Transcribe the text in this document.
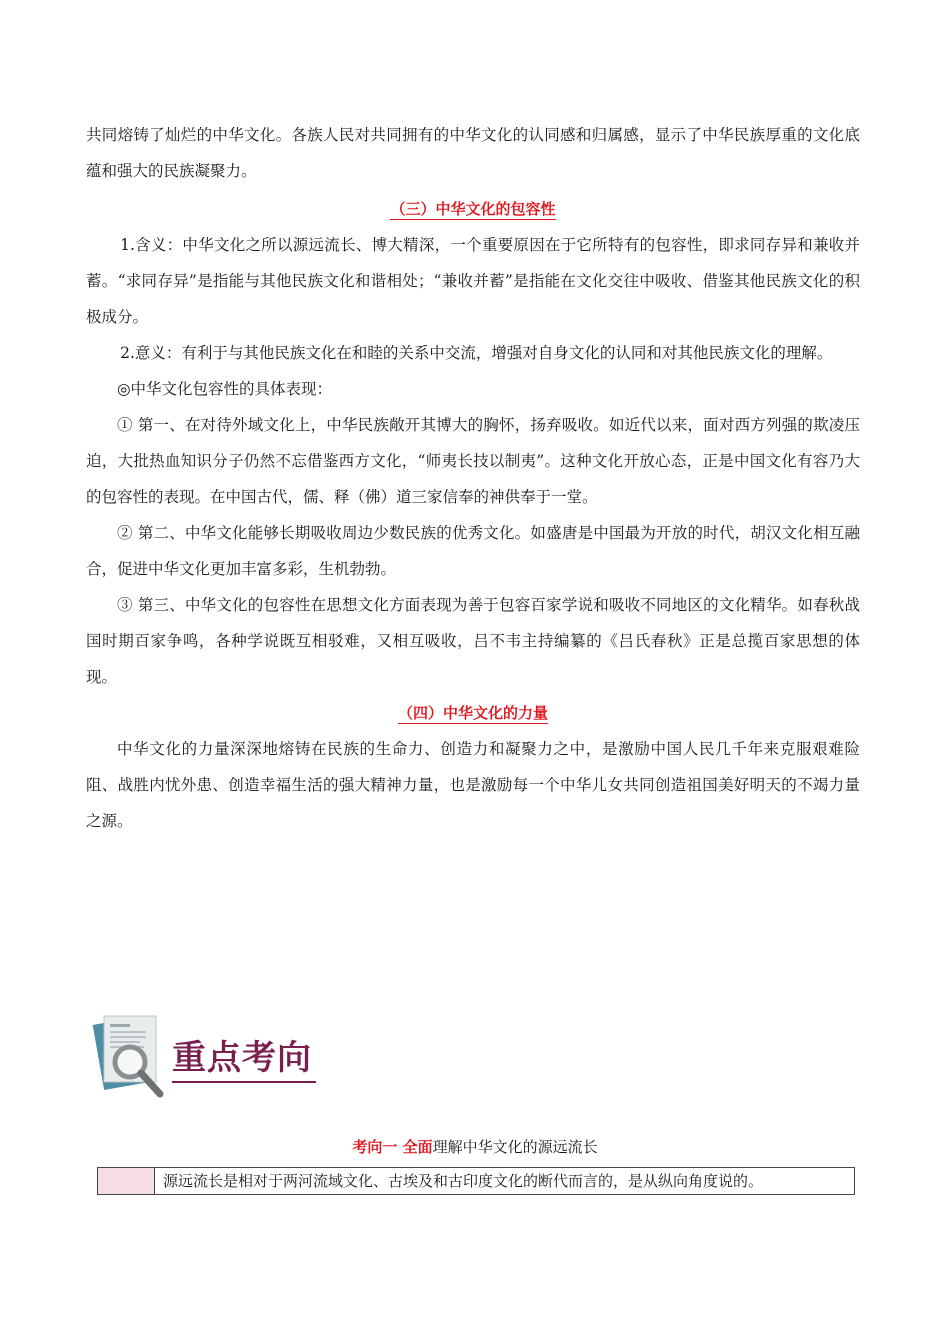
共同熔铸了灿烂的中华文化。各族人民对共同拥有的中华文化的认同感和归属感，显示了中华民族厚重的文化底蕴和强大的民族凝聚力。

（三）中华文化的包容性

1.含义：中华文化之所以源远流长、博大精深，一个重要原因在于它所特有的包容性，即求同存异和兼收并蓄。“求同存异”是指能与其他民族文化和谐相处；“兼收并蓄”是指能在文化交往中吸收、借鉴其他民族文化的积极成分。

2.意义：有利于与其他民族文化在和睦的关系中交流，增强对自身文化的认同和对其他民族文化的理解。

◎中华文化包容性的具体表现：

① 第一、在对待外域文化上，中华民族敞开其博大的胸怀，扬弃吸收。如近代以来，面对西方列强的欺凌压迫，大批热血知识分子仍然不忘借鉴西方文化，“师夷长技以制夷”。这种文化开放心态，正是中国文化有容乃大的包容性的表现。在中国古代，儒、释（佛）道三家信奉的神供奉于一堂。

② 第二、中华文化能够长期吸收周边少数民族的优秀文化。如盛唐是中国最为开放的时代，胡汉文化相互融合，促进中华文化更加丰富多彩，生机勃勃。

③ 第三、中华文化的包容性在思想文化方面表现为善于包容百家学说和吸收不同地区的文化精华。如春秋战国时期百家争鸣，各种学说既互相驳难，又相互吸收，吕不韦主持编纂的《吕氏春秋》正是总揽百家思想的体现。

（四）中华文化的力量

中华文化的力量深深地熔铸在民族的生命力、创造力和凝聚力之中，是激励中国人民几千年来克服艰难险阻、战胜内忧外患、创造幸福生活的强大精神力量，也是激励每一个中华儿女共同创造祖国美好明天的不竭力量之源。

重点考向
考向一 全面理解中华文化的源远流长
源远流长是相对于两河流域文化、古埃及和古印度文化的断代而言的，是从纵向角度说的。
